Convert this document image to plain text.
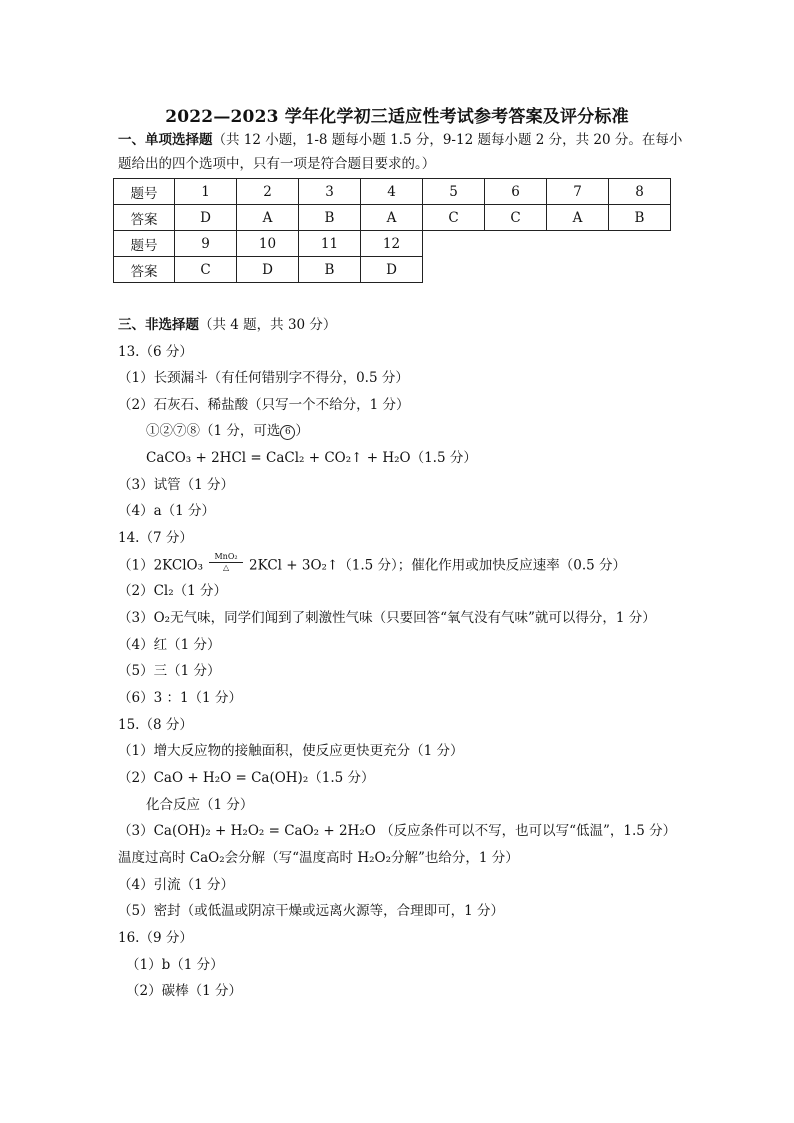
2022—2023 学年化学初三适应性考试参考答案及评分标准
一、单项选择题（共 12 小题，1-8 题每小题 1.5 分，9-12 题每小题 2 分，共 20 分。在每小
题给出的四个选项中，只有一项是符合题目要求的。）
题号	1	2	3	4	5	6	7	8
答案	D	A	B	A	C	C	A	B
题号	9	10	11	12				
答案	C	D	B	D				
三、非选择题（共 4 题，共 30 分）
13.（6 分）
（1）长颈漏斗（有任何错别字不得分，0.5 分）
（2）石灰石、稀盐酸（只写一个不给分，1 分）
①②⑦⑧（1 分，可选 6 ）
CaCO₃ + 2HCl = CaCl₂ + CO₂↑ + H₂O（1.5 分）
（3）试管（1 分）
（4）a（1 分）
14.（7 分）
（1）2KClO₃ $\frac{\text{MnO₂}}{\triangle} 2KCl$ + 3O₂↑（1.5 分）；催化作用或加快反应速率（0.5 分）
（2）Cl₂（1 分）
（3）O₂无气味，同学们闻到了刺激性气味（只要回答“氧气没有气味”就可以得分，1 分）
（4）红（1 分）
（5）三（1 分）
（6）3 ：1（1 分）
15.（8 分）
（1）增大反应物的接触面积，使反应更快更充分（1 分）
（2）CaO + H₂O = Ca(OH)₂（1.5 分）
化合反应（1 分）
（3）Ca(OH)₂ + H₂O₂ = CaO₂ + 2H₂O （反应条件可以不写，也可以写“低温”，1.5 分）
温度过高时 CaO₂会分解（写“温度高时 H₂O₂分解”也给分，1 分）
（4）引流（1 分）
（5）密封（或低温或阴凉干燥或远离火源等，合理即可，1 分）
16.（9 分）
（1）b（1 分）
（2）碳棒（1 分）
